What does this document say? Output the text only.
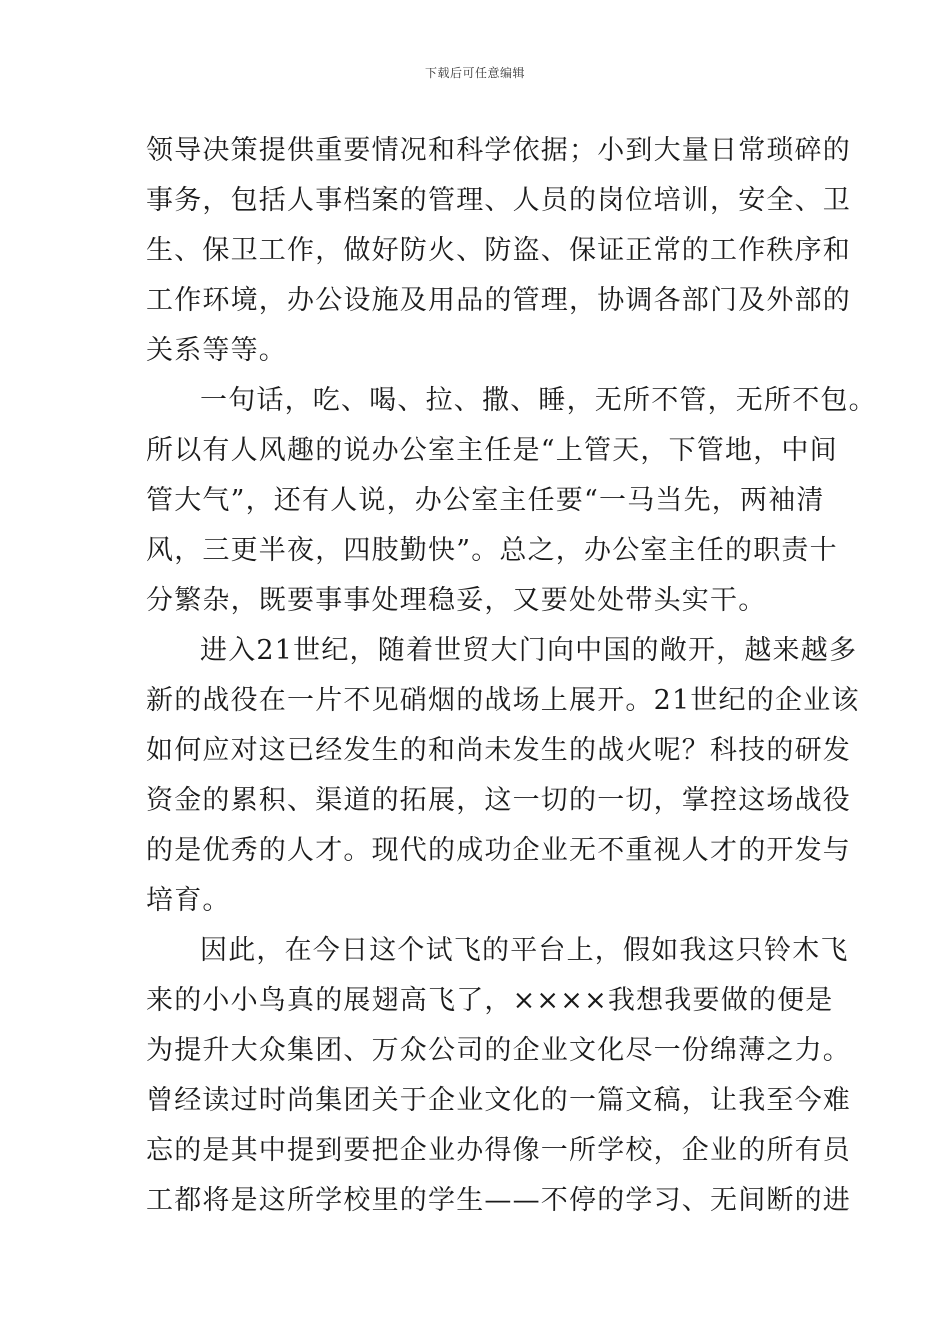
下载后可任意编辑
领导决策提供重要情况和科学依据；小到大量日常琐碎的
事务，包括人事档案的管理、人员的岗位培训，安全、卫
生、保卫工作，做好防火、防盗、保证正常的工作秩序和
工作环境，办公设施及用品的管理，协调各部门及外部的
关系等等。
一句话，吃、喝、拉、撒、睡，无所不管，无所不包。
所以有人风趣的说办公室主任是“上管天，下管地，中间
管大气”，还有人说，办公室主任要“一马当先，两袖清
风，三更半夜，四肢勤快”。总之，办公室主任的职责十
分繁杂，既要事事处理稳妥，又要处处带头实干。
进入21世纪，随着世贸大门向中国的敞开，越来越多
新的战役在一片不见硝烟的战场上展开。21世纪的企业该
如何应对这已经发生的和尚未发生的战火呢？科技的研发
资金的累积、渠道的拓展，这一切的一切，掌控这场战役
的是优秀的人才。现代的成功企业无不重视人才的开发与
培育。
因此，在今日这个试飞的平台上，假如我这只铃木飞
来的小小鸟真的展翅高飞了，××××我想我要做的便是
为提升大众集团、万众公司的企业文化尽一份绵薄之力。
曾经读过时尚集团关于企业文化的一篇文稿，让我至今难
忘的是其中提到要把企业办得像一所学校，企业的所有员
工都将是这所学校里的学生——不停的学习、无间断的进
